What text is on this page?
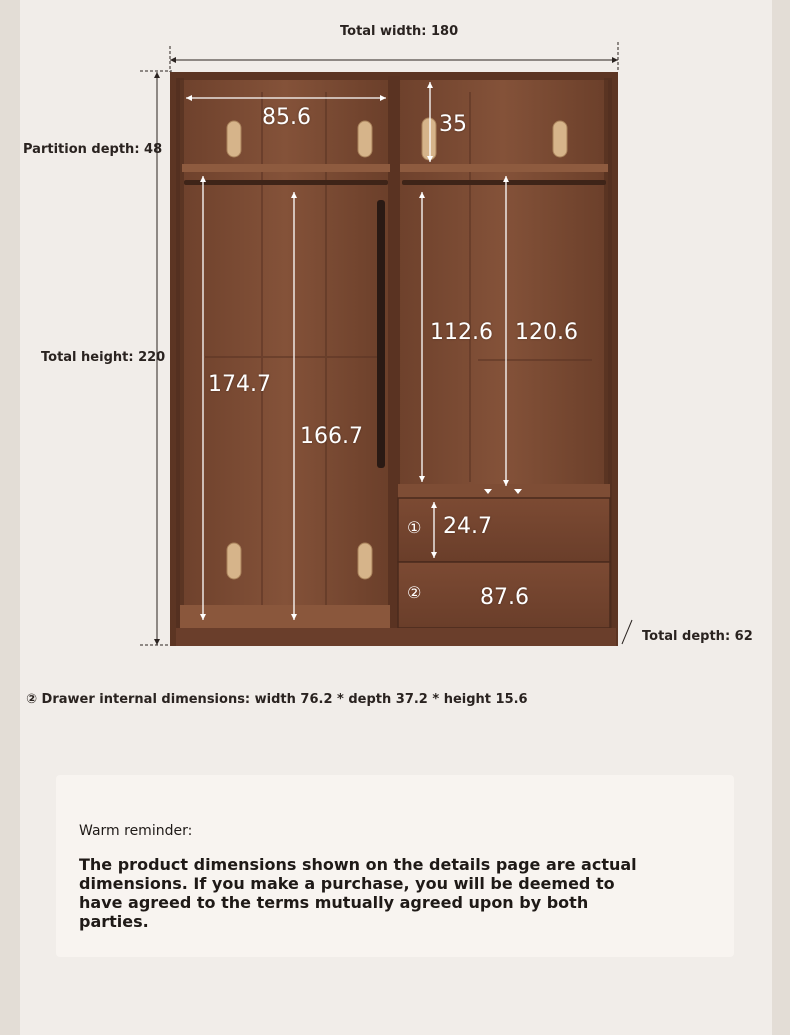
Total width: 180
Partition depth: 48
Total height: 220
Total depth: 62
② Drawer internal dimensions: width 76.2 * depth 37.2 * height 15.6
85.6	35
112.6 120.6
174.7
166.7
24.7
87.6
①
②
Warm reminder:
The product dimensions shown on the details page are actual dimensions. If you make a purchase, you will be deemed to have agreed to the terms mutually agreed upon by both parties.
